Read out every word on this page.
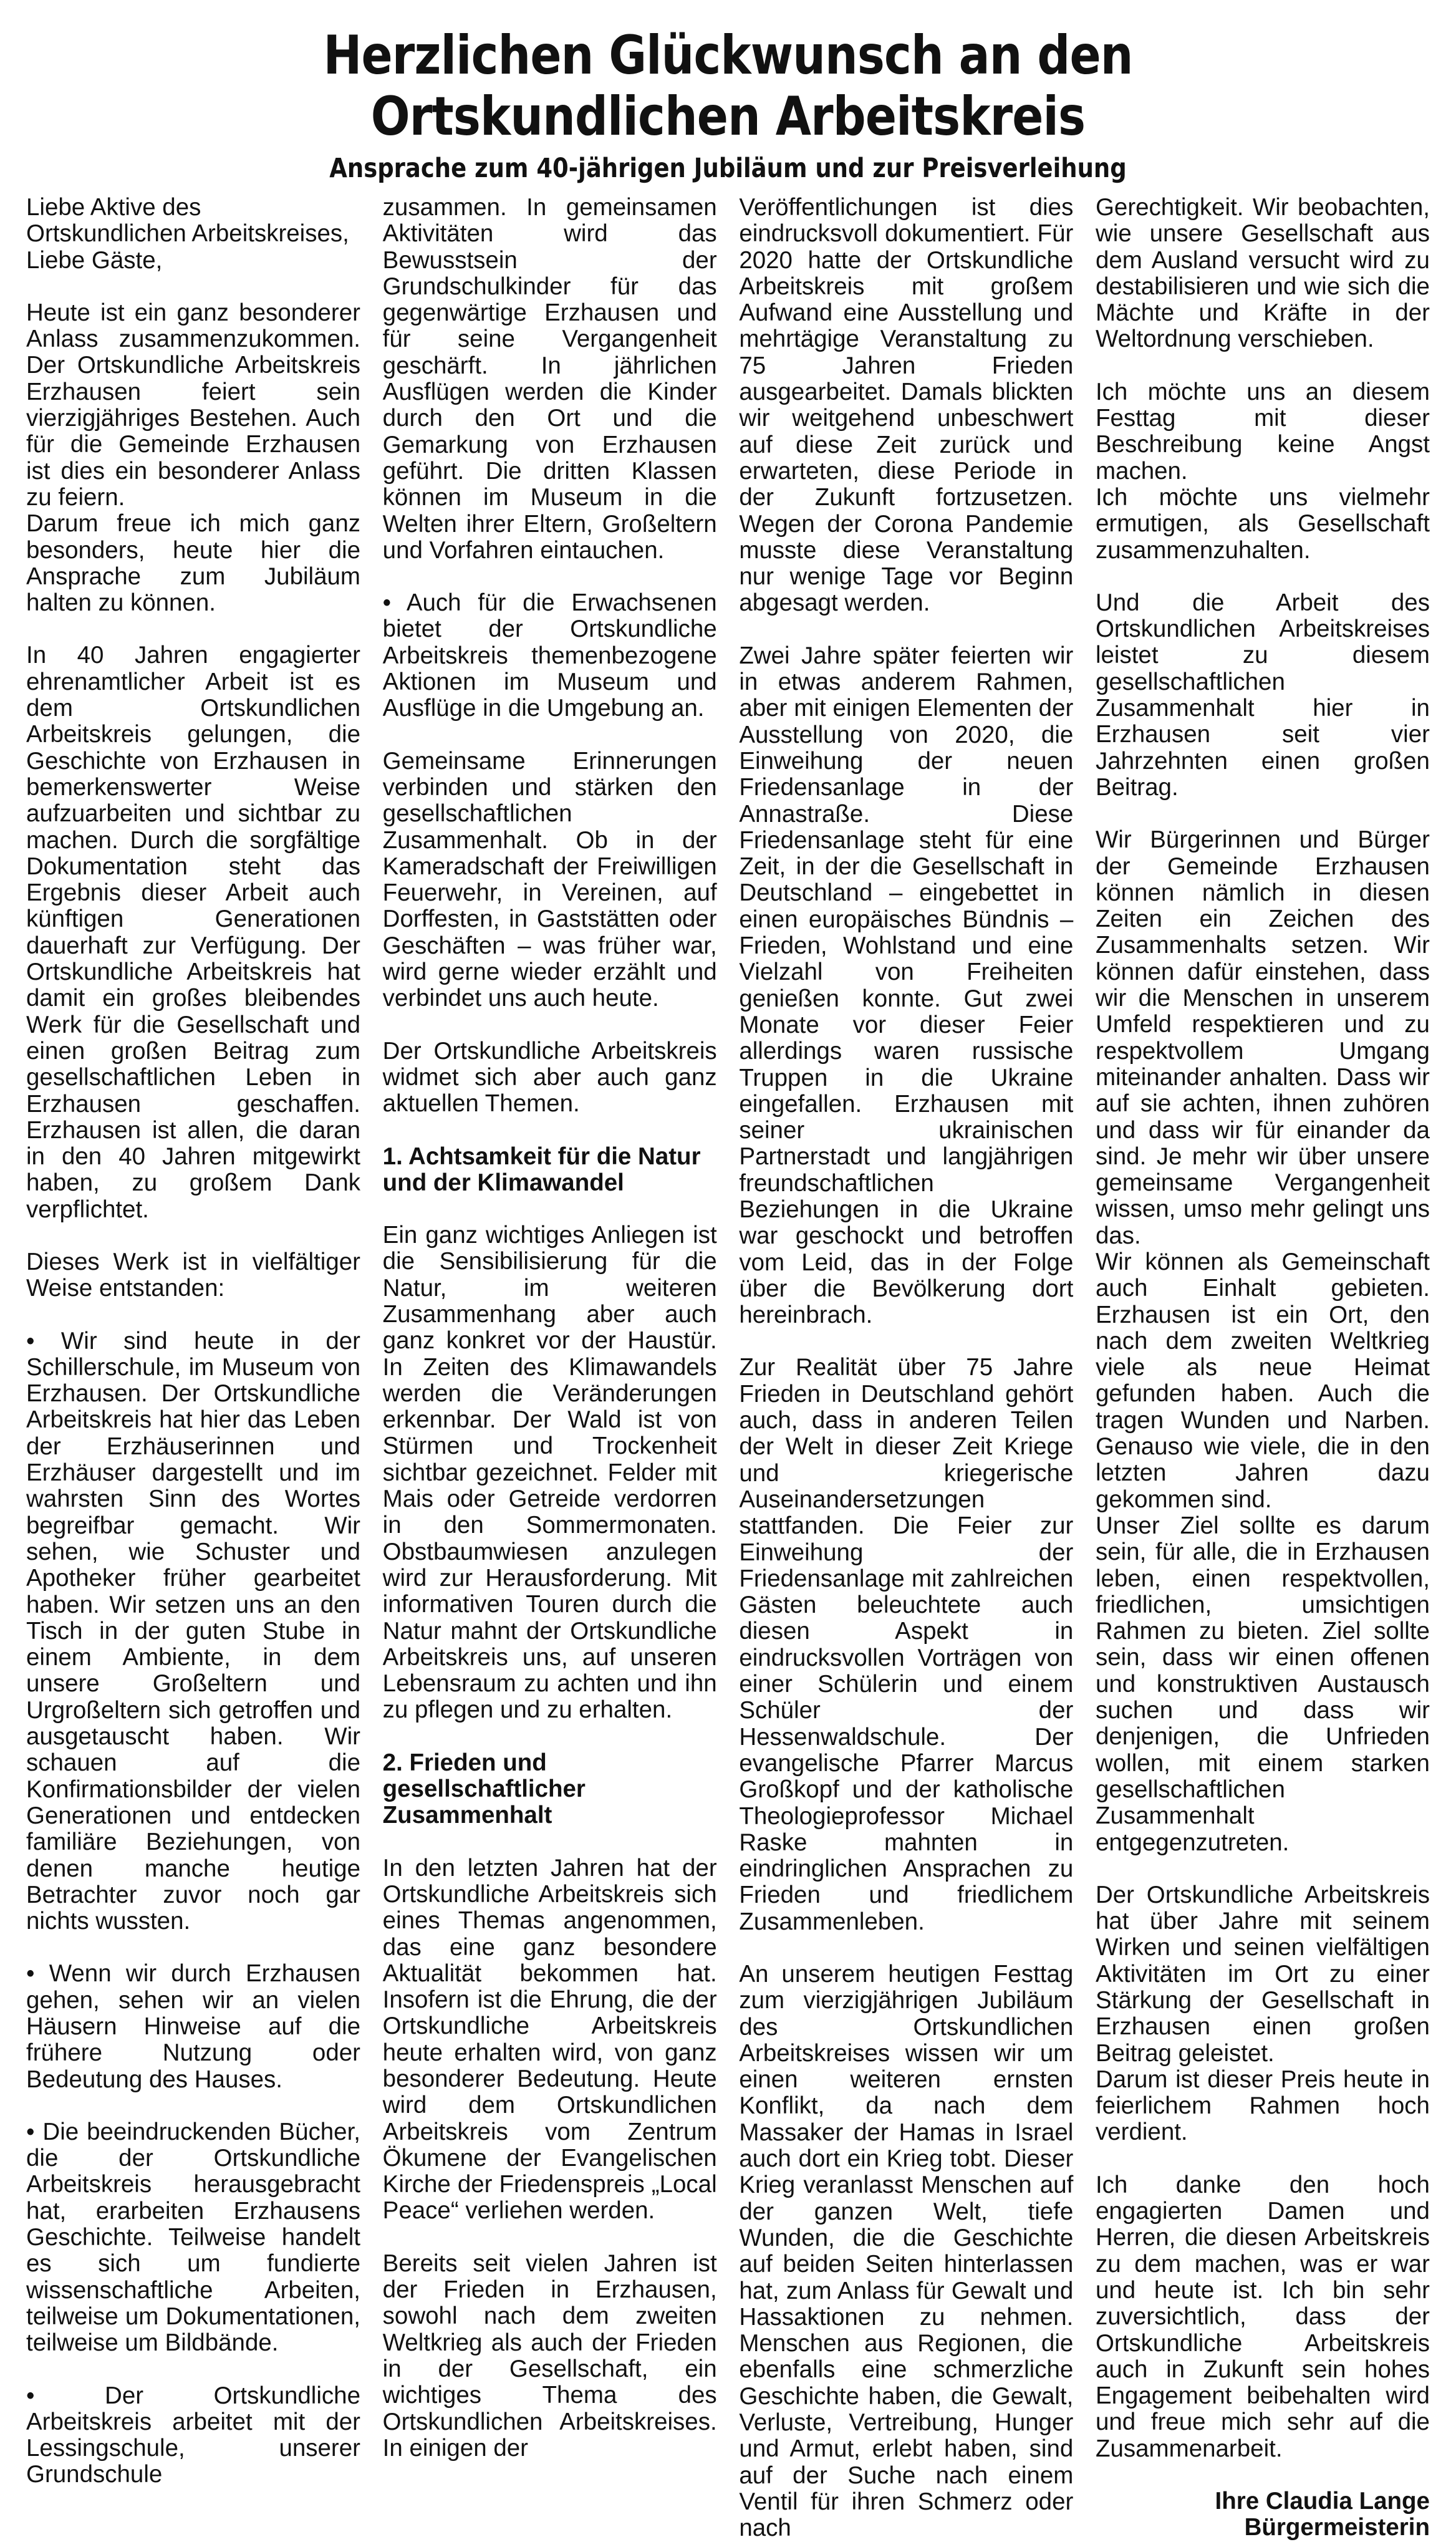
Herzlichen Glückwunsch an den
Ortskundlichen Arbeitskreis
Ansprache zum 40-jährigen Jubiläum und zur Preisverleihung

Liebe Aktive des Ortskundlichen Arbeitskreises,
Liebe Gäste,

Heute ist ein ganz besonderer Anlass zusammenzukommen. Der Ortskundliche Arbeitskreis Erzhausen feiert sein vierzigjähriges Bestehen. Auch für die Gemeinde Erzhausen ist dies ein besonderer Anlass zu feiern.
Darum freue ich mich ganz besonders, heute hier die Ansprache zum Jubiläum halten zu können.

In 40 Jahren engagierter ehrenamtlicher Arbeit ist es dem Ortskundlichen Arbeitskreis gelungen, die Geschichte von Erzhausen in bemerkenswerter Weise aufzuarbeiten und sichtbar zu machen. Durch die sorgfältige Dokumentation steht das Ergebnis dieser Arbeit auch künftigen Generationen dauerhaft zur Verfügung. Der Ortskundliche Arbeitskreis hat damit ein großes bleibendes Werk für die Gesellschaft und einen großen Beitrag zum gesellschaftlichen Leben in Erzhausen geschaffen. Erzhausen ist allen, die daran in den 40 Jahren mitgewirkt haben, zu großem Dank verpflichtet.

Dieses Werk ist in vielfältiger Weise entstanden:

• Wir sind heute in der Schillerschule, im Museum von Erzhausen. Der Ortskundliche Arbeitskreis hat hier das Leben der Erzhäuserinnen und Erzhäuser dargestellt und im wahrsten Sinn des Wortes begreifbar gemacht. Wir sehen, wie Schuster und Apotheker früher gearbeitet haben. Wir setzen uns an den Tisch in der guten Stube in einem Ambiente, in dem unsere Großeltern und Urgroßeltern sich getroffen und ausgetauscht haben. Wir schauen auf die Konfirmationsbilder der vielen Generationen und entdecken familiäre Beziehungen, von denen manche heutige Betrachter zuvor noch gar nichts wussten.

• Wenn wir durch Erzhausen gehen, sehen wir an vielen Häusern Hinweise auf die frühere Nutzung oder Bedeutung des Hauses.

• Die beeindruckenden Bücher, die der Ortskundliche Arbeitskreis herausgebracht hat, erarbeiten Erzhausens Geschichte. Teilweise handelt es sich um fundierte wissenschaftliche Arbeiten, teilweise um Dokumentationen, teilweise um Bildbände.

• Der Ortskundliche Arbeitskreis arbeitet mit der Lessingschule, unserer Grundschule

zusammen. In gemeinsamen Aktivitäten wird das Bewusstsein der Grundschulkinder für das gegenwärtige Erzhausen und für seine Vergangenheit geschärft. In jährlichen Ausflügen werden die Kinder durch den Ort und die Gemarkung von Erzhausen geführt. Die dritten Klassen können im Museum in die Welten ihrer Eltern, Großeltern und Vorfahren eintauchen.

• Auch für die Erwachsenen bietet der Ortskundliche Arbeitskreis themenbezogene Aktionen im Museum und Ausflüge in die Umgebung an.

Gemeinsame Erinnerungen verbinden und stärken den gesellschaftlichen Zusammenhalt. Ob in der Kameradschaft der Freiwilligen Feuerwehr, in Vereinen, auf Dorffesten, in Gaststätten oder Geschäften – was früher war, wird gerne wieder erzählt und verbindet uns auch heute.

Der Ortskundliche Arbeitskreis widmet sich aber auch ganz aktuellen Themen.

1. Achtsamkeit für die Natur und der Klimawandel

Ein ganz wichtiges Anliegen ist die Sensibilisierung für die Natur, im weiteren Zusammenhang aber auch ganz konkret vor der Haustür. In Zeiten des Klimawandels werden die Veränderungen erkennbar. Der Wald ist von Stürmen und Trockenheit sichtbar gezeichnet. Felder mit Mais oder Getreide verdorren in den Sommermonaten. Obstbaumwiesen anzulegen wird zur Herausforderung. Mit informativen Touren durch die Natur mahnt der Ortskundliche Arbeitskreis uns, auf unseren Lebensraum zu achten und ihn zu pflegen und zu erhalten.

2. Frieden und gesellschaftlicher Zusammenhalt

In den letzten Jahren hat der Ortskundliche Arbeitskreis sich eines Themas angenommen, das eine ganz besondere Aktualität bekommen hat. Insofern ist die Ehrung, die der Ortskundliche Arbeitskreis heute erhalten wird, von ganz besonderer Bedeutung. Heute wird dem Ortskundlichen Arbeitskreis vom Zentrum Ökumene der Evangelischen Kirche der Friedenspreis „Local Peace“ verliehen werden.

Bereits seit vielen Jahren ist der Frieden in Erzhausen, sowohl nach dem zweiten Weltkrieg als auch der Frieden in der Gesellschaft, ein wichtiges Thema des Ortskundlichen Arbeitskreises. In einigen der

Veröffentlichungen ist dies eindrucksvoll dokumentiert. Für 2020 hatte der Ortskundliche Arbeitskreis mit großem Aufwand eine Ausstellung und mehrtägige Veranstaltung zu 75 Jahren Frieden ausgearbeitet. Damals blickten wir weitgehend unbeschwert auf diese Zeit zurück und erwarteten, diese Periode in der Zukunft fortzusetzen. Wegen der Corona Pandemie musste diese Veranstaltung nur wenige Tage vor Beginn abgesagt werden.

Zwei Jahre später feierten wir in etwas anderem Rahmen, aber mit einigen Elementen der Ausstellung von 2020, die Einweihung der neuen Friedensanlage in der Annastraße. Diese Friedensanlage steht für eine Zeit, in der die Gesellschaft in Deutschland – eingebettet in einen europäisches Bündnis – Frieden, Wohlstand und eine Vielzahl von Freiheiten genießen konnte. Gut zwei Monate vor dieser Feier allerdings waren russische Truppen in die Ukraine eingefallen. Erzhausen mit seiner ukrainischen Partnerstadt und langjährigen freundschaftlichen Beziehungen in die Ukraine war geschockt und betroffen vom Leid, das in der Folge über die Bevölkerung dort hereinbrach.

Zur Realität über 75 Jahre Frieden in Deutschland gehört auch, dass in anderen Teilen der Welt in dieser Zeit Kriege und kriegerische Auseinandersetzungen stattfanden. Die Feier zur Einweihung der Friedensanlage mit zahlreichen Gästen beleuchtete auch diesen Aspekt in eindrucksvollen Vorträgen von einer Schülerin und einem Schüler der Hessenwaldschule. Der evangelische Pfarrer Marcus Großkopf und der katholische Theologieprofessor Michael Raske mahnten in eindringlichen Ansprachen zu Frieden und friedlichem Zusammenleben.

An unserem heutigen Festtag zum vierzigjährigen Jubiläum des Ortskundlichen Arbeitskreises wissen wir um einen weiteren ernsten Konflikt, da nach dem Massaker der Hamas in Israel auch dort ein Krieg tobt. Dieser Krieg veranlasst Menschen auf der ganzen Welt, tiefe Wunden, die die Geschichte auf beiden Seiten hinterlassen hat, zum Anlass für Gewalt und Hassaktionen zu nehmen. Menschen aus Regionen, die ebenfalls eine schmerzliche Geschichte haben, die Gewalt, Verluste, Vertreibung, Hunger und Armut, erlebt haben, sind auf der Suche nach einem Ventil für ihren Schmerz oder nach

Gerechtigkeit. Wir beobachten, wie unsere Gesellschaft aus dem Ausland versucht wird zu destabilisieren und wie sich die Mächte und Kräfte in der Weltordnung verschieben.

Ich möchte uns an diesem Festtag mit dieser Beschreibung keine Angst machen.
Ich möchte uns vielmehr ermutigen, als Gesellschaft zusammenzuhalten.

Und die Arbeit des Ortskundlichen Arbeitskreises leistet zu diesem gesellschaftlichen Zusammenhalt hier in Erzhausen seit vier Jahrzehnten einen großen Beitrag.

Wir Bürgerinnen und Bürger der Gemeinde Erzhausen können nämlich in diesen Zeiten ein Zeichen des Zusammenhalts setzen. Wir können dafür einstehen, dass wir die Menschen in unserem Umfeld respektieren und zu respektvollem Umgang miteinander anhalten. Dass wir auf sie achten, ihnen zuhören und dass wir für einander da sind. Je mehr wir über unsere gemeinsame Vergangenheit wissen, umso mehr gelingt uns das.
Wir können als Gemeinschaft auch Einhalt gebieten. Erzhausen ist ein Ort, den nach dem zweiten Weltkrieg viele als neue Heimat gefunden haben. Auch die tragen Wunden und Narben. Genauso wie viele, die in den letzten Jahren dazu gekommen sind.
Unser Ziel sollte es darum sein, für alle, die in Erzhausen leben, einen respektvollen, friedlichen, umsichtigen Rahmen zu bieten. Ziel sollte sein, dass wir einen offenen und konstruktiven Austausch suchen und dass wir denjenigen, die Unfrieden wollen, mit einem starken gesellschaftlichen Zusammenhalt entgegenzutreten.

Der Ortskundliche Arbeitskreis hat über Jahre mit seinem Wirken und seinen vielfältigen Aktivitäten im Ort zu einer Stärkung der Gesellschaft in Erzhausen einen großen Beitrag geleistet.
Darum ist dieser Preis heute in feierlichem Rahmen hoch verdient.

Ich danke den hoch engagierten Damen und Herren, die diesen Arbeitskreis zu dem machen, was er war und heute ist. Ich bin sehr zuversichtlich, dass der Ortskundliche Arbeitskreis auch in Zukunft sein hohes Engagement beibehalten wird und freue mich sehr auf die Zusammenarbeit.

Ihre Claudia Lange
Bürgermeisterin
